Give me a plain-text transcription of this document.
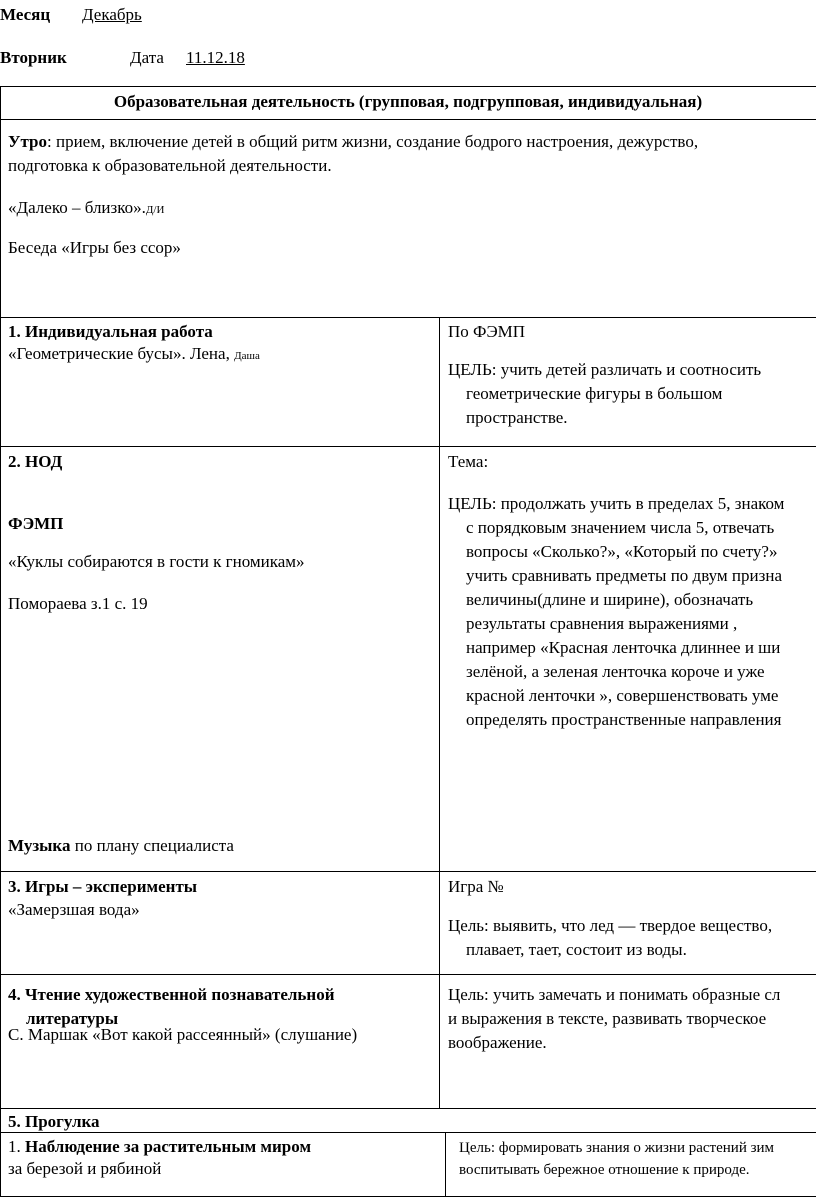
Месяц Декабрь
Вторник	Дата 11.12.18
Образовательная деятельность (групповая, подгрупповая, индивидуальная)
Утро: прием, включение детей в общий ритм жизни, создание бодрого настроения, дежурство,
подготовка к образовательной деятельности.
«Далеко – близко».Д/И
Беседа «Игры без ссор»
1. Индивидуальная работа
«Геометрические бусы». Лена, Даша
По ФЭМП
ЦЕЛЬ: учить детей различать и соотносить
геометрические фигуры в большом
пространстве.
2. НОД
ФЭМП
«Куклы собираются в гости к гномикам»
Помораева з.1 с. 19
Музыка по плану специалиста
Тема:
ЦЕЛЬ: продолжать учить в пределах 5, знаком
с порядковым значением числа 5, отвечать
вопросы «Сколько?», «Который по счету?»
учить сравнивать предметы по двум призна
величины(длине и ширине), обозначать
результаты сравнения выражениями ,
например «Красная ленточка длиннее и ши
зелёной, а зеленая ленточка короче и уже
красной ленточки », совершенствовать уме
определять пространственные направления
3. Игры – эксперименты
«Замерзшая вода»
Игра №
Цель: выявить, что лед — твердое вещество,
плавает, тает, состоит из воды.
4. Чтение художественной познавательной
литературы
С. Маршак «Вот какой рассеянный» (слушание)
Цель: учить замечать и понимать образные сл
и выражения в тексте, развивать творческое
воображение.
5. Прогулка
1. Наблюдение за растительным миром
за березой и рябиной
Цель: формировать знания о жизни растений зим
воспитывать бережное отношение к природе.
